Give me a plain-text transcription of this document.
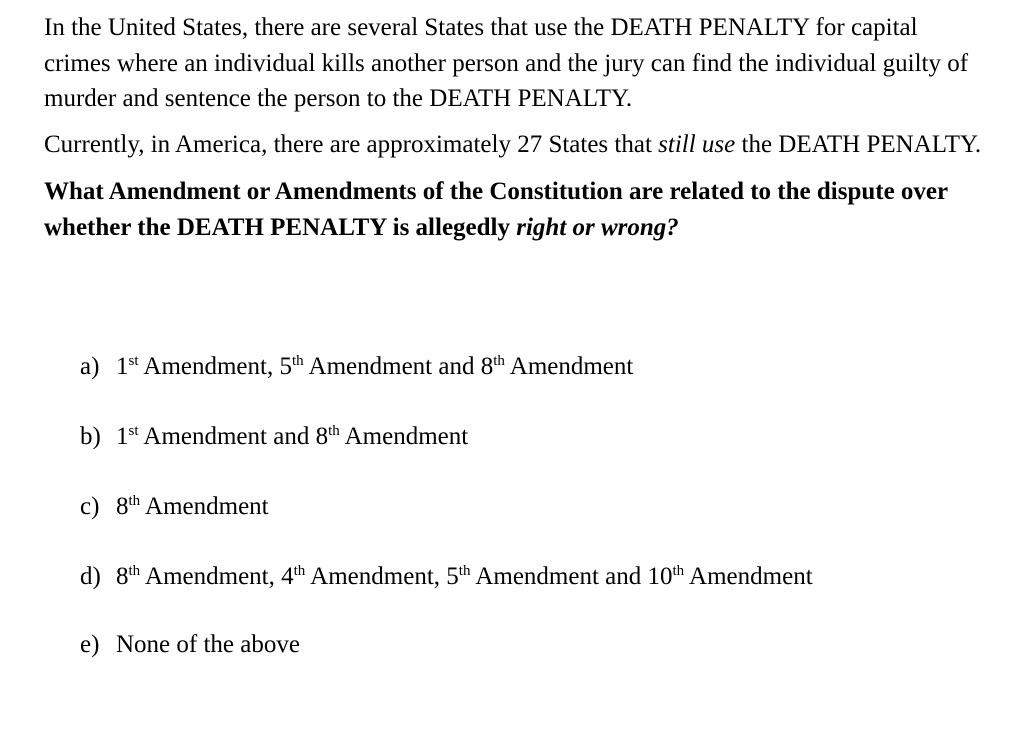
In the United States, there are several States that use the DEATH PENALTY for capital crimes where an individual kills another person and the jury can find the individual guilty of murder and sentence the person to the DEATH PENALTY.

Currently, in America, there are approximately 27 States that still use the DEATH PENALTY.

What Amendment or Amendments of the Constitution are related to the dispute over whether the DEATH PENALTY is allegedly right or wrong?

a) 1st Amendment, 5th Amendment and 8th Amendment
b) 1st Amendment and 8th Amendment
c) 8th Amendment
d) 8th Amendment, 4th Amendment, 5th Amendment and 10th Amendment
e) None of the above
